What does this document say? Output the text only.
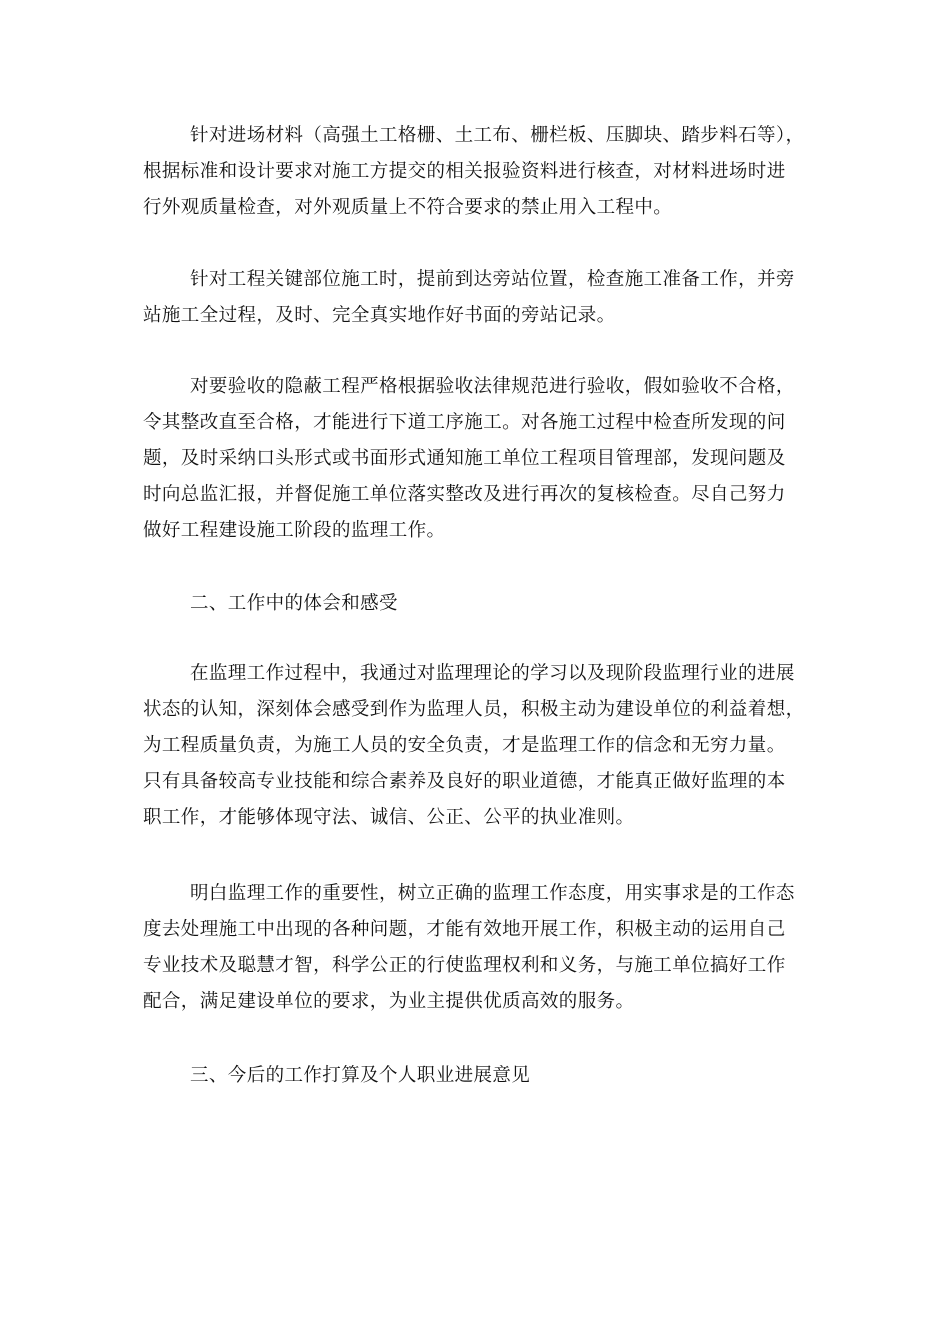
针对进场材料（高强土工格栅、土工布、栅栏板、压脚块、踏步料石等），
根据标准和设计要求对施工方提交的相关报验资料进行核查，对材料进场时进
行外观质量检查，对外观质量上不符合要求的禁止用入工程中。

针对工程关键部位施工时，提前到达旁站位置，检查施工准备工作，并旁
站施工全过程，及时、完全真实地作好书面的旁站记录。

对要验收的隐蔽工程严格根据验收法律规范进行验收，假如验收不合格，
令其整改直至合格，才能进行下道工序施工。对各施工过程中检查所发现的问
题，及时采纳口头形式或书面形式通知施工单位工程项目管理部，发现问题及
时向总监汇报，并督促施工单位落实整改及进行再次的复核检查。尽自己努力
做好工程建设施工阶段的监理工作。

二、工作中的体会和感受

在监理工作过程中，我通过对监理理论的学习以及现阶段监理行业的进展
状态的认知，深刻体会感受到作为监理人员，积极主动为建设单位的利益着想，
为工程质量负责，为施工人员的安全负责，才是监理工作的信念和无穷力量。
只有具备较高专业技能和综合素养及良好的职业道德，才能真正做好监理的本
职工作，才能够体现守法、诚信、公正、公平的执业准则。

明白监理工作的重要性，树立正确的监理工作态度，用实事求是的工作态
度去处理施工中出现的各种问题，才能有效地开展工作，积极主动的运用自己
专业技术及聪慧才智，科学公正的行使监理权利和义务，与施工单位搞好工作
配合，满足建设单位的要求，为业主提供优质高效的服务。

三、今后的工作打算及个人职业进展意见
